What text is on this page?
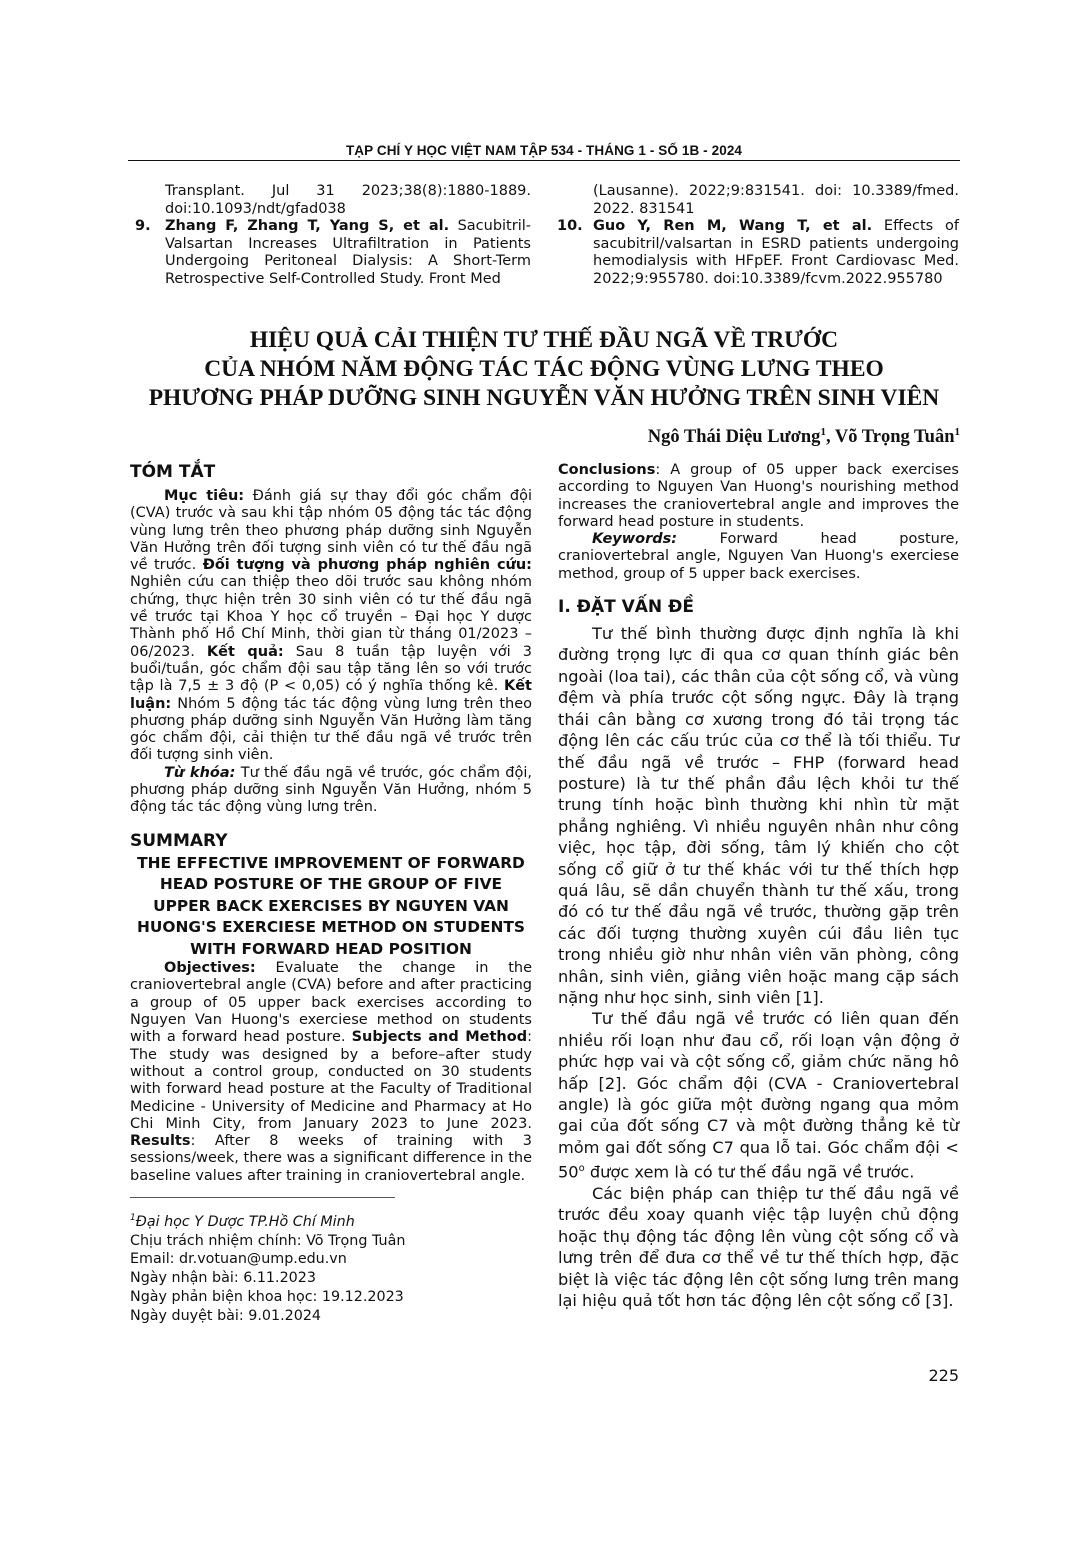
TẠP CHÍ Y HỌC VIỆT NAM TẬP 534 - THÁNG 1 - SỐ 1B - 2024
Transplant. Jul 31 2023;38(8):1880-1889.
doi:10.1093/ndt/gfad038
9. Zhang F, Zhang T, Yang S, et al. Sacubitril-Valsartan Increases Ultrafiltration in Patients Undergoing Peritoneal Dialysis: A Short-Term Retrospective Self-Controlled Study. Front Med
(Lausanne). 2022;9:831541. doi: 10.3389/fmed. 2022. 831541
10. Guo Y, Ren M, Wang T, et al. Effects of sacubitril/valsartan in ESRD patients undergoing hemodialysis with HFpEF. Front Cardiovasc Med. 2022;9:955780. doi:10.3389/fcvm.2022.955780
HIỆU QUẢ CẢI THIỆN TƯ THẾ ĐẦU NGÃ VỀ TRƯỚC
CỦA NHÓM NĂM ĐỘNG TÁC TÁC ĐỘNG VÙNG LƯNG THEO
PHƯƠNG PHÁP DƯỠNG SINH NGUYỄN VĂN HƯỞNG TRÊN SINH VIÊN
Ngô Thái Diệu Lương$^1$, Võ Trọng Tuân$^1$
TÓM TẮT

Mục tiêu: Đánh giá sự thay đổi góc chẩm đội (CVA) trước và sau khi tập nhóm 05 động tác tác động vùng lưng trên theo phương pháp dưỡng sinh Nguyễn Văn Hưởng trên đối tượng sinh viên có tư thế đầu ngã về trước. Đối tượng và phương pháp nghiên cứu: Nghiên cứu can thiệp theo dõi trước sau không nhóm chứng, thực hiện trên 30 sinh viên có tư thế đầu ngã về trước tại Khoa Y học cổ truyền – Đại học Y dược Thành phố Hồ Chí Minh, thời gian từ tháng 01/2023 – 06/2023. Kết quả: Sau 8 tuần tập luyện với 3 buổi/tuần, góc chẩm đội sau tập tăng lên so với trước tập là 7,5 ± 3 độ (P < 0,05) có ý nghĩa thống kê. Kết luận: Nhóm 5 động tác tác động vùng lưng trên theo phương pháp dưỡng sinh Nguyễn Văn Hưởng làm tăng góc chẩm đội, cải thiện tư thế đầu ngã về trước trên đối tượng sinh viên.

Từ khóa: Tư thế đầu ngã về trước, góc chẩm đội, phương pháp dưỡng sinh Nguyễn Văn Hưởng, nhóm 5 động tác tác động vùng lưng trên.

SUMMARY

THE EFFECTIVE IMPROVEMENT OF FORWARD HEAD POSTURE OF THE GROUP OF FIVE UPPER BACK EXERCISES BY NGUYEN VAN HUONG'S EXERCIESE METHOD ON STUDENTS WITH FORWARD HEAD POSITION

Objectives: Evaluate the change in the craniovertebral angle (CVA) before and after practicing a group of 05 upper back exercises according to Nguyen Van Huong's exerciese method on students with a forward head posture. Subjects and Method: The study was designed by a before–after study without a control group, conducted on 30 students with forward head posture at the Faculty of Traditional Medicine - University of Medicine and Pharmacy at Ho Chi Minh City, from January 2023 to June 2023. Results: After 8 weeks of training with 3 sessions/week, there was a significant difference in the baseline values after training in craniovertebral angle.

$^1$Đại học Y Dược TP.Hồ Chí Minh
Chịu trách nhiệm chính: Võ Trọng Tuân
Email: dr.votuan@ump.edu.vn
Ngày nhận bài: 6.11.2023
Ngày phản biện khoa học: 19.12.2023
Ngày duyệt bài: 9.01.2024

Conclusions: A group of 05 upper back exercises according to Nguyen Van Huong's nourishing method increases the craniovertebral angle and improves the forward head posture in students.

Keywords: Forward head posture, craniovertebral angle, Nguyen Van Huong's exerciese method, group of 5 upper back exercises.

I. ĐẶT VẤN ĐỀ

Tư thế bình thường được định nghĩa là khi đường trọng lực đi qua cơ quan thính giác bên ngoài (loa tai), các thân của cột sống cổ, và vùng đệm và phía trước cột sống ngực. Đây là trạng thái cân bằng cơ xương trong đó tải trọng tác động lên các cấu trúc của cơ thể là tối thiểu. Tư thế đầu ngã về trước – FHP (forward head posture) là tư thế phần đầu lệch khỏi tư thế trung tính hoặc bình thường khi nhìn từ mặt phẳng nghiêng. Vì nhiều nguyên nhân như công việc, học tập, đời sống, tâm lý khiến cho cột sống cổ giữ ở tư thế khác với tư thế thích hợp quá lâu, sẽ dần chuyển thành tư thế xấu, trong đó có tư thế đầu ngã về trước, thường gặp trên các đối tượng thường xuyên cúi đầu liên tục trong nhiều giờ như nhân viên văn phòng, công nhân, sinh viên, giảng viên hoặc mang cặp sách nặng như học sinh, sinh viên [1].

Tư thế đầu ngã về trước có liên quan đến nhiều rối loạn như đau cổ, rối loạn vận động ở phức hợp vai và cột sống cổ, giảm chức năng hô hấp [2]. Góc chẩm đội (CVA - Craniovertebral angle) là góc giữa một đường ngang qua mỏm gai của đốt sống C7 và một đường thẳng kẻ từ mỏm gai đốt sống C7 qua lỗ tai. Góc chẩm đội < $50^o$ được xem là có tư thế đầu ngã về trước.

Các biện pháp can thiệp tư thế đầu ngã về trước đều xoay quanh việc tập luyện chủ động hoặc thụ động tác động lên vùng cột sống cổ và lưng trên để đưa cơ thể về tư thế thích hợp, đặc biệt là việc tác động lên cột sống lưng trên mang lại hiệu quả tốt hơn tác động lên cột sống cổ [3].

225
